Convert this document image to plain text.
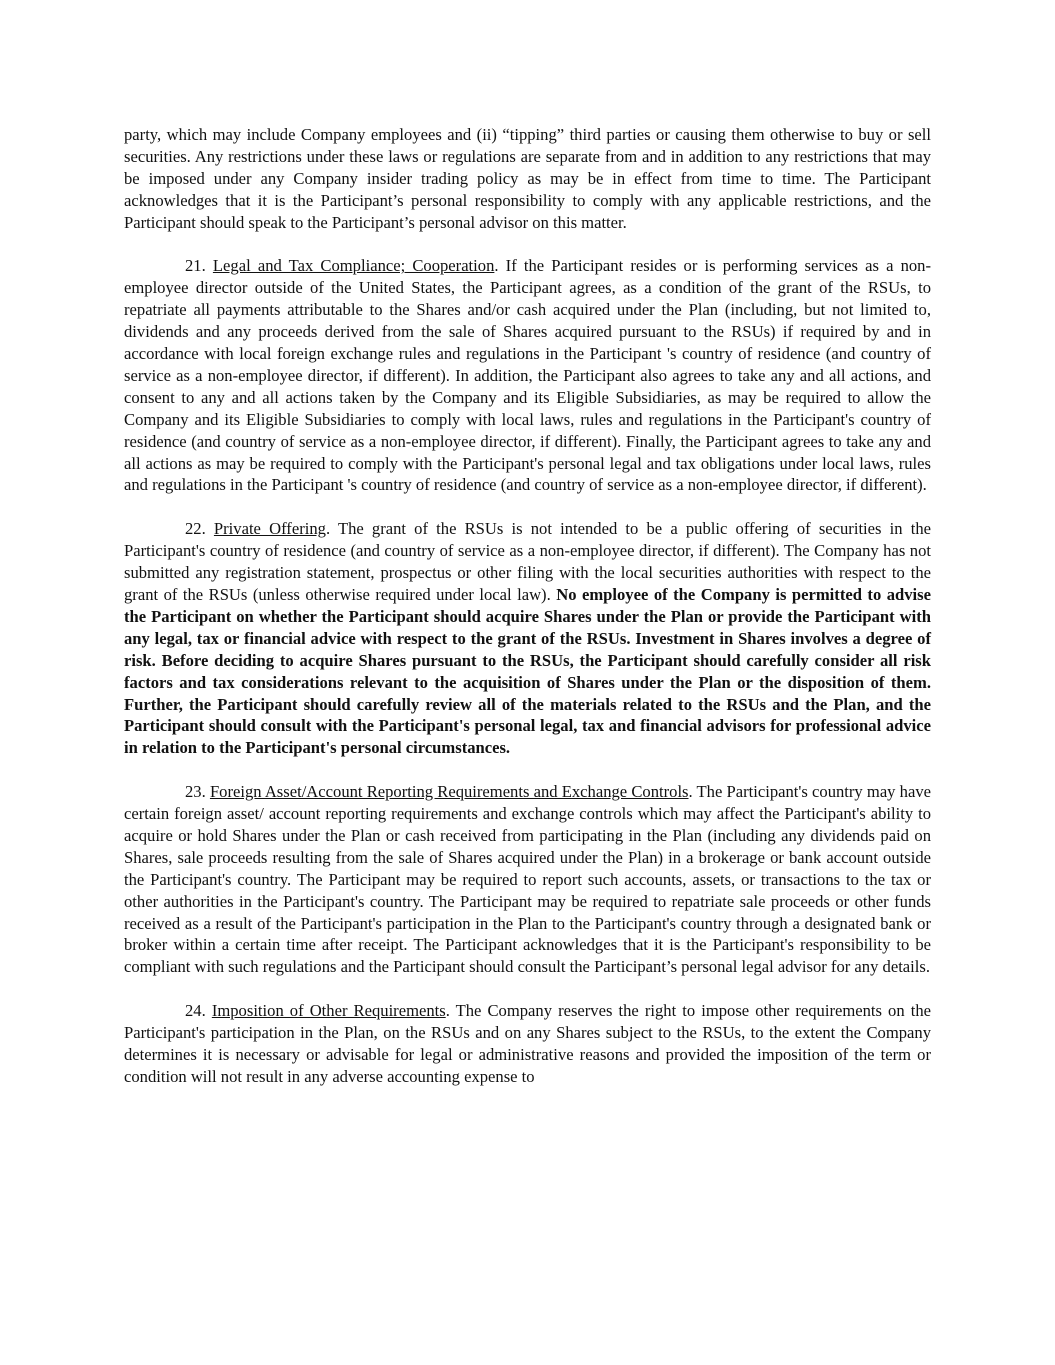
party, which may include Company employees and (ii) “tipping” third parties or causing them otherwise to buy or sell securities. Any restrictions under these laws or regulations are separate from and in addition to any restrictions that may be imposed under any Company insider trading policy as may be in effect from time to time. The Participant acknowledges that it is the Participant’s personal responsibility to comply with any applicable restrictions, and the Participant should speak to the Participant’s personal advisor on this matter.

21. Legal and Tax Compliance; Cooperation. If the Participant resides or is performing services as a non-employee director outside of the United States, the Participant agrees, as a condition of the grant of the RSUs, to repatriate all payments attributable to the Shares and/or cash acquired under the Plan (including, but not limited to, dividends and any proceeds derived from the sale of Shares acquired pursuant to the RSUs) if required by and in accordance with local foreign exchange rules and regulations in the Participant 's country of residence (and country of service as a non-employee director, if different). In addition, the Participant also agrees to take any and all actions, and consent to any and all actions taken by the Company and its Eligible Subsidiaries, as may be required to allow the Company and its Eligible Subsidiaries to comply with local laws, rules and regulations in the Participant's country of residence (and country of service as a non-employee director, if different). Finally, the Participant agrees to take any and all actions as may be required to comply with the Participant's personal legal and tax obligations under local laws, rules and regulations in the Participant 's country of residence (and country of service as a non-employee director, if different).

22. Private Offering. The grant of the RSUs is not intended to be a public offering of securities in the Participant's country of residence (and country of service as a non-employee director, if different). The Company has not submitted any registration statement, prospectus or other filing with the local securities authorities with respect to the grant of the RSUs (unless otherwise required under local law). No employee of the Company is permitted to advise the Participant on whether the Participant should acquire Shares under the Plan or provide the Participant with any legal, tax or financial advice with respect to the grant of the RSUs. Investment in Shares involves a degree of risk. Before deciding to acquire Shares pursuant to the RSUs, the Participant should carefully consider all risk factors and tax considerations relevant to the acquisition of Shares under the Plan or the disposition of them. Further, the Participant should carefully review all of the materials related to the RSUs and the Plan, and the Participant should consult with the Participant's personal legal, tax and financial advisors for professional advice in relation to the Participant's personal circumstances.

23. Foreign Asset/Account Reporting Requirements and Exchange Controls. The Participant's country may have certain foreign asset/ account reporting requirements and exchange controls which may affect the Participant's ability to acquire or hold Shares under the Plan or cash received from participating in the Plan (including any dividends paid on Shares, sale proceeds resulting from the sale of Shares acquired under the Plan) in a brokerage or bank account outside the Participant's country. The Participant may be required to report such accounts, assets, or transactions to the tax or other authorities in the Participant's country. The Participant may be required to repatriate sale proceeds or other funds received as a result of the Participant's participation in the Plan to the Participant's country through a designated bank or broker within a certain time after receipt. The Participant acknowledges that it is the Participant's responsibility to be compliant with such regulations and the Participant should consult the Participant’s personal legal advisor for any details.

24. Imposition of Other Requirements. The Company reserves the right to impose other requirements on the Participant's participation in the Plan, on the RSUs and on any Shares subject to the RSUs, to the extent the Company determines it is necessary or advisable for legal or administrative reasons and provided the imposition of the term or condition will not result in any adverse accounting expense to
